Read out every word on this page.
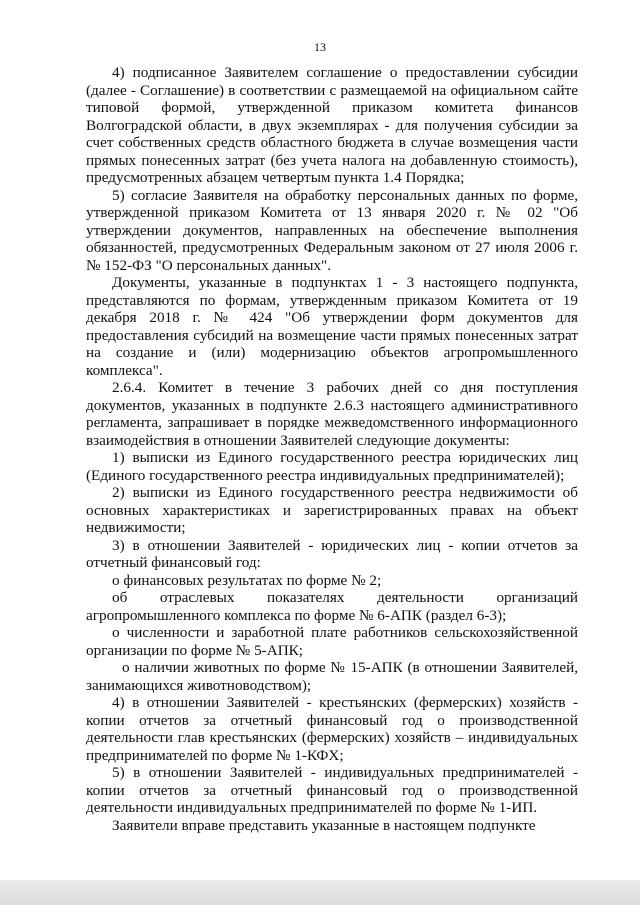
13

4) подписанное Заявителем соглашение о предоставлении субсидии (далее - Соглашение) в соответствии с размещаемой на официальном сайте типовой формой, утвержденной приказом комитета финансов Волгоградской области, в двух экземплярах - для получения субсидии за счет собственных средств областного бюджета в случае возмещения части прямых понесенных затрат (без учета налога на добавленную стоимость), предусмотренных абзацем четвертым пункта 1.4 Порядка;

5) согласие Заявителя на обработку персональных данных по форме, утвержденной приказом Комитета от 13 января 2020 г. № 02 "Об утверждении документов, направленных на обеспечение выполнения обязанностей, предусмотренных Федеральным законом от 27 июля 2006 г. № 152-ФЗ "О персональных данных".

Документы, указанные в подпунктах 1 - 3 настоящего подпункта, представляются по формам, утвержденным приказом Комитета от 19 декабря 2018 г. № 424 "Об утверждении форм документов для предоставления субсидий на возмещение части прямых понесенных затрат на создание и (или) модернизацию объектов агропромышленного комплекса".

2.6.4. Комитет в течение 3 рабочих дней со дня поступления документов, указанных в подпункте 2.6.3 настоящего административного регламента, запрашивает в порядке межведомственного информационного взаимодействия в отношении Заявителей следующие документы:

1) выписки из Единого государственного реестра юридических лиц (Единого государственного реестра индивидуальных предпринимателей);

2) выписки из Единого государственного реестра недвижимости об основных характеристиках и зарегистрированных правах на объект недвижимости;

3) в отношении Заявителей - юридических лиц - копии отчетов за отчетный финансовый год:

о финансовых результатах по форме № 2;

об отраслевых показателях деятельности организаций агропромышленного комплекса по форме № 6-АПК (раздел 6-3);

о численности и заработной плате работников сельскохозяйственной организации по форме № 5-АПК;

о наличии животных по форме № 15-АПК (в отношении Заявителей, занимающихся животноводством);

4) в отношении Заявителей - крестьянских (фермерских) хозяйств - копии отчетов за отчетный финансовый год о производственной деятельности глав крестьянских (фермерских) хозяйств – индивидуальных предпринимателей по форме № 1-КФХ;

5) в отношении Заявителей - индивидуальных предпринимателей - копии отчетов за отчетный финансовый год о производственной деятельности индивидуальных предпринимателей по форме № 1-ИП.

Заявители вправе представить указанные в настоящем подпункте
